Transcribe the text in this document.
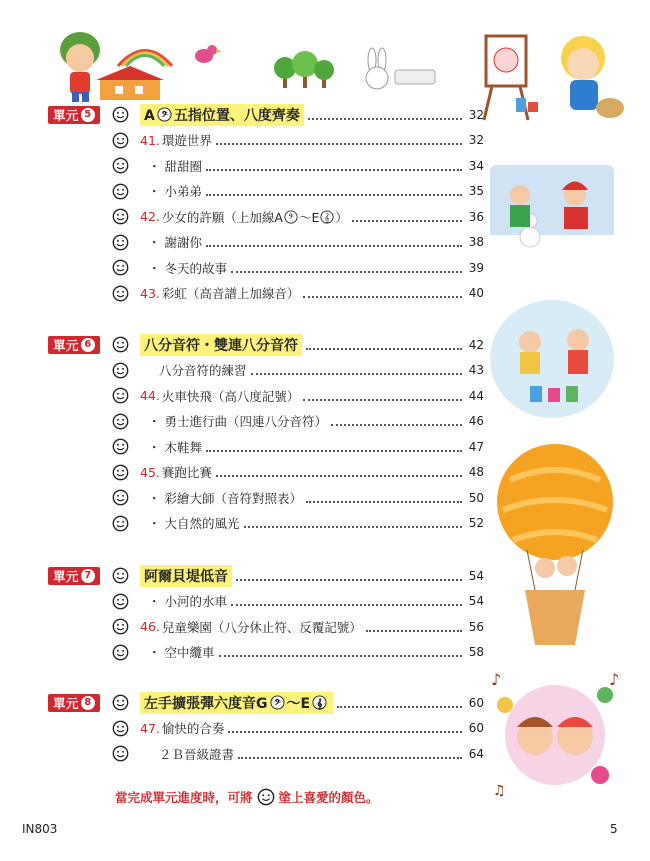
♪	♪
♫
單元 5	A 𝄢 五指位置、八度齊奏	32
41. 環遊世界	32
・ 甜甜圈	34
・ 小弟弟	35
42. 少女的許願（上加線A 𝄢 ～E 𝄞 ）	36
・ 謝謝你	38
・ 冬天的故事	39
43. 彩虹（高音譜上加線音）	40
單元 6	八分音符・雙連八分音符	42
八分音符的練習	43
44. 火車快飛（高八度記號）	44
・ 勇士進行曲（四連八分音符）	46
・ 木鞋舞	47
45. 賽跑比賽	48
・ 彩繪大師（音符對照表）	50
・ 大自然的風光	52
單元 7	阿爾貝堤低音	54
・ 小河的水車	54
46. 兒童樂園（八分休止符、反覆記號）	56
・ 空中纜車	58
單元 8	左手擴張彈六度音G 𝄢 ～E 𝄞	60
47. 愉快的合奏	60
２Ｂ晉級證書	64
當完成單元進度時，可將 塗上喜愛的顏色。
IN803	5
